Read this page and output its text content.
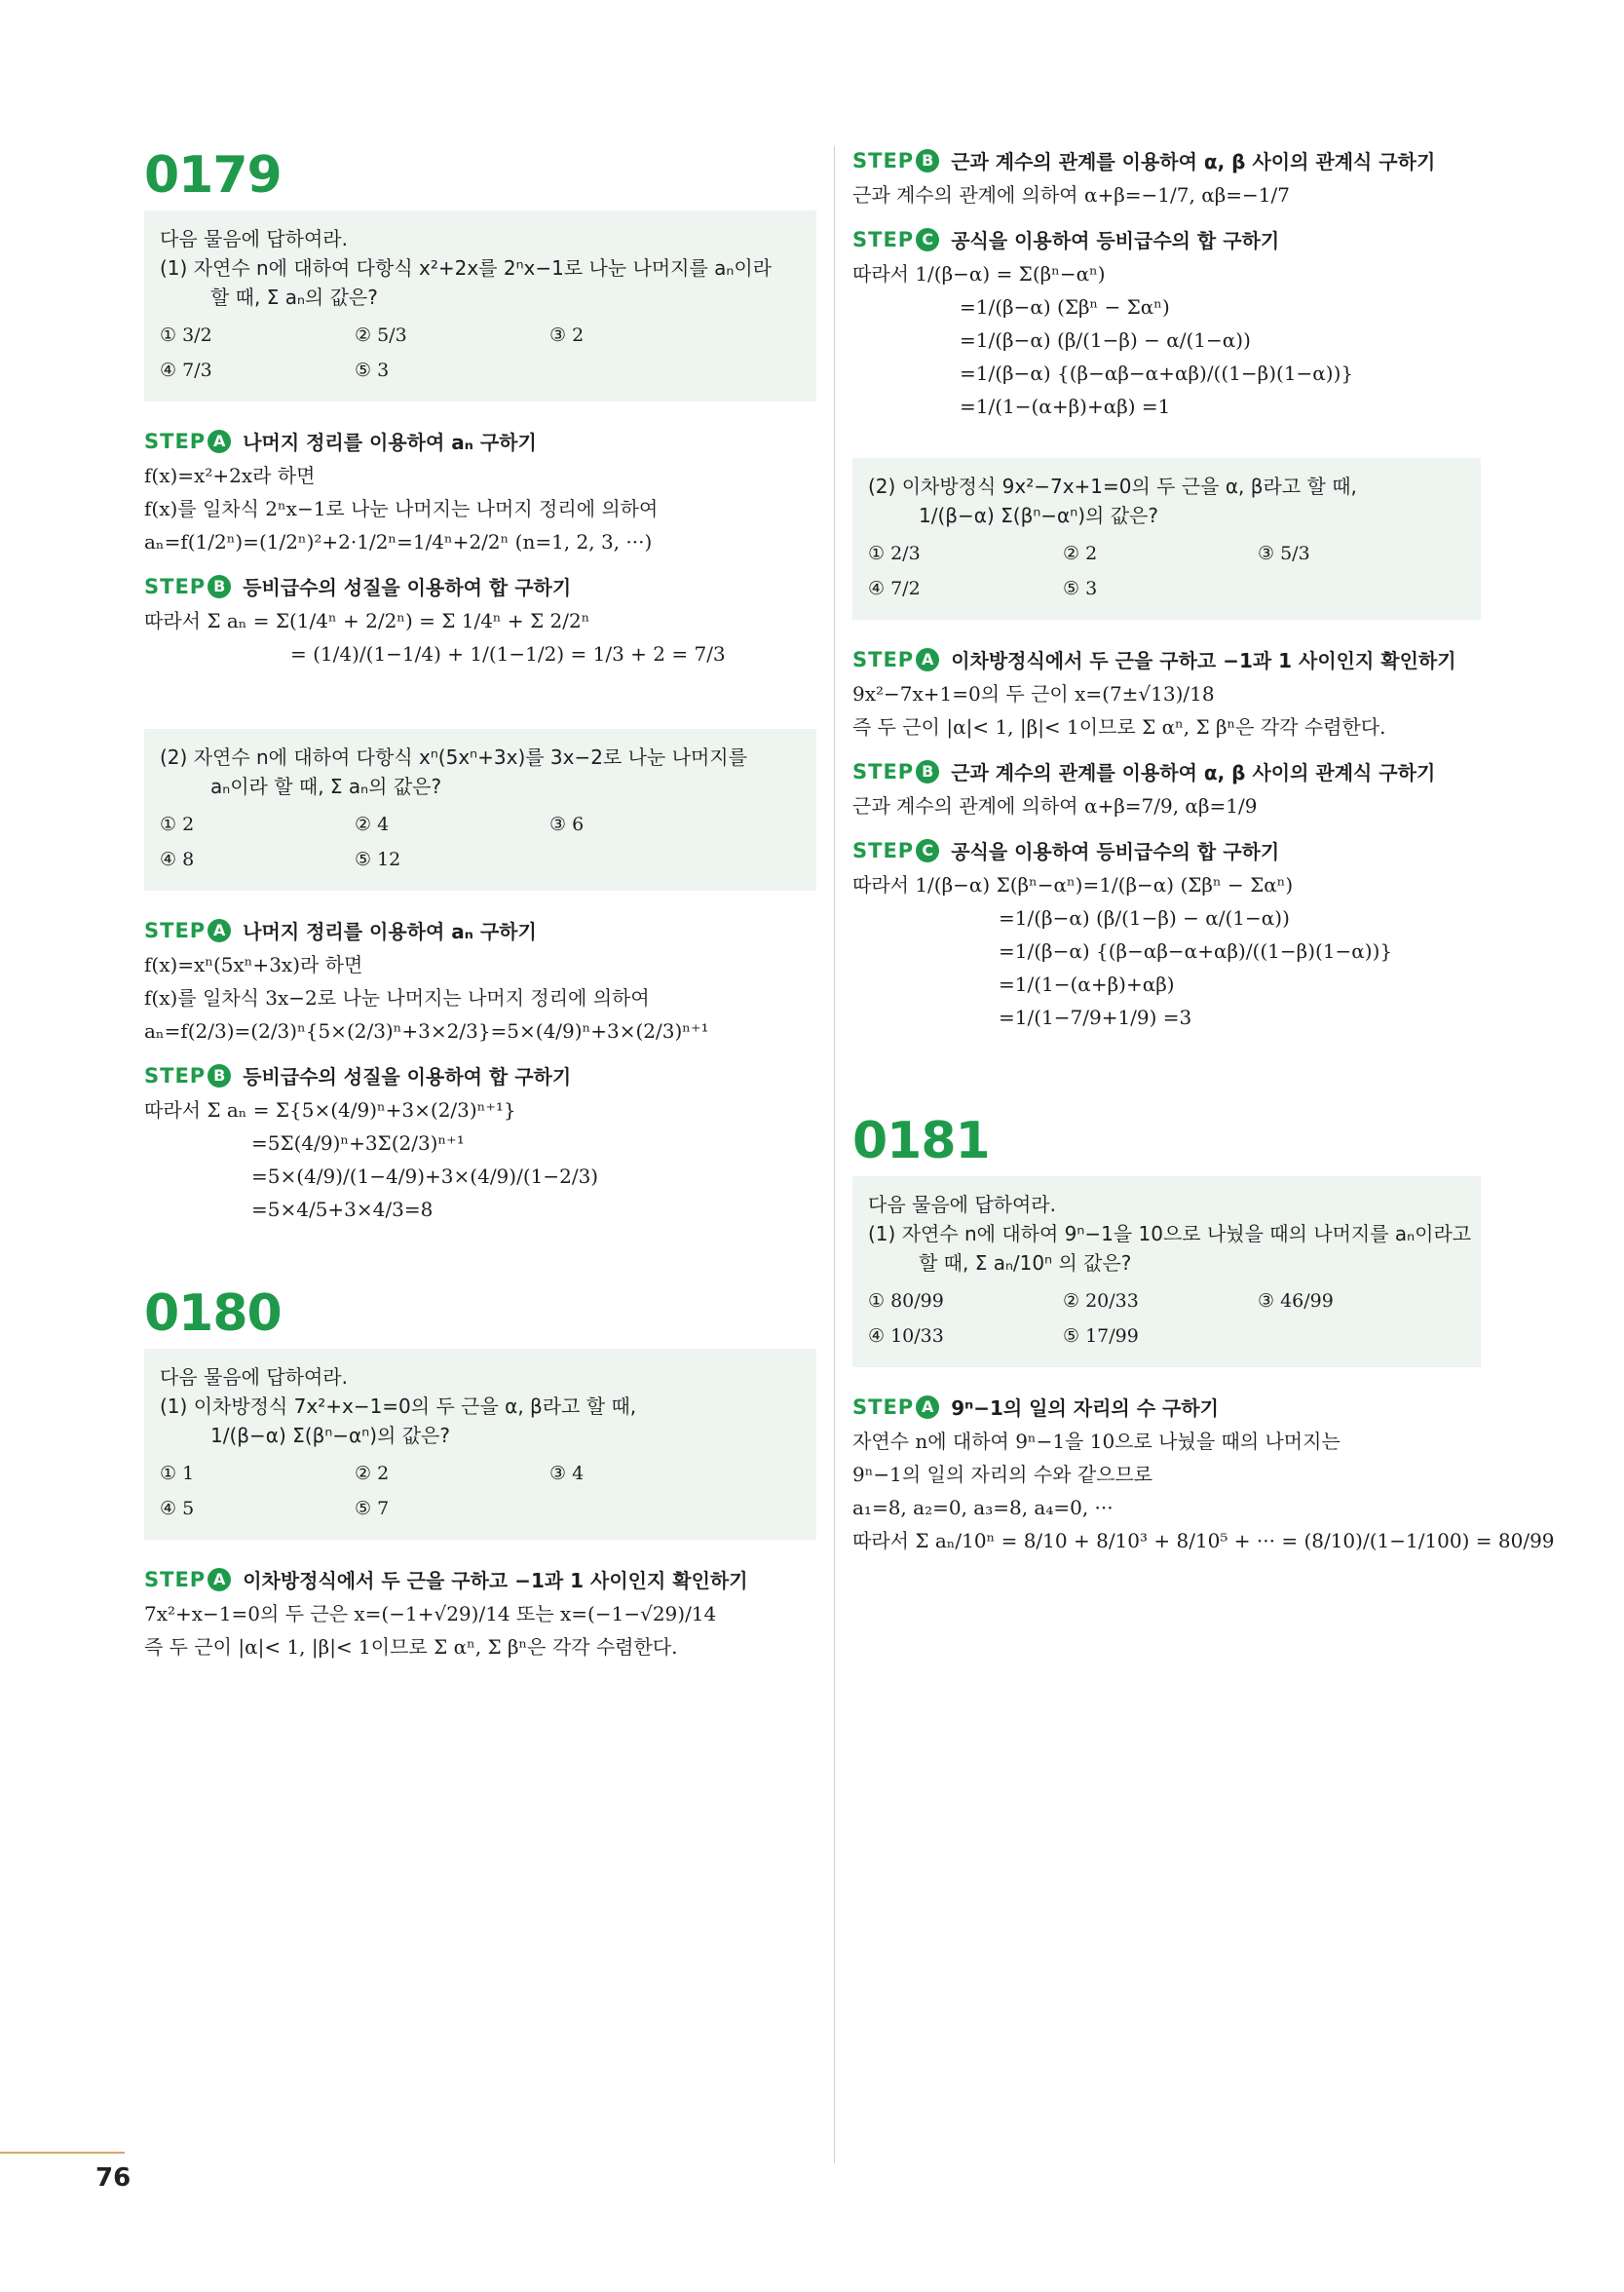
0179
다음 물음에 답하여라.
(1) 자연수 n에 대하여 다항식 x²+2x를 2ⁿx−1로 나눈 나머지를 aₙ이라
할 때, Σ aₙ의 값은?
① 3/2	② 5/3	③ 2
④ 7/3	⑤ 3
STEP A 나머지 정리를 이용하여 aₙ 구하기
f(x)=x²+2x라 하면
f(x)를 일차식 2ⁿx−1로 나눈 나머지는 나머지 정리에 의하여
aₙ=f(1/2ⁿ)=(1/2ⁿ)²+2·1/2ⁿ=1/4ⁿ+2/2ⁿ (n=1, 2, 3, ···)
STEP B 등비급수의 성질을 이용하여 합 구하기
따라서 Σ aₙ = Σ(1/4ⁿ + 2/2ⁿ) = Σ 1/4ⁿ + Σ 2/2ⁿ
= (1/4)/(1−1/4) + 1/(1−1/2) = 1/3 + 2 = 7/3
(2) 자연수 n에 대하여 다항식 xⁿ(5xⁿ+3x)를 3x−2로 나눈 나머지를
aₙ이라 할 때, Σ aₙ의 값은?
① 2	② 4	③ 6
④ 8	⑤ 12
STEP A 나머지 정리를 이용하여 aₙ 구하기
f(x)=xⁿ(5xⁿ+3x)라 하면
f(x)를 일차식 3x−2로 나눈 나머지는 나머지 정리에 의하여
aₙ=f(2/3)=(2/3)ⁿ{5×(2/3)ⁿ+3×2/3}=5×(4/9)ⁿ+3×(2/3)ⁿ⁺¹
STEP B 등비급수의 성질을 이용하여 합 구하기
따라서 Σ aₙ = Σ{5×(4/9)ⁿ+3×(2/3)ⁿ⁺¹}
=5Σ(4/9)ⁿ+3Σ(2/3)ⁿ⁺¹
=5×(4/9)/(1−4/9)+3×(4/9)/(1−2/3)
=5×4/5+3×4/3=8
0180
다음 물음에 답하여라.
(1) 이차방정식 7x²+x−1=0의 두 근을 α, β라고 할 때,
1/(β−α) Σ(βⁿ−αⁿ)의 값은?
① 1	② 2	③ 4
④ 5	⑤ 7
STEP A 이차방정식에서 두 근을 구하고 −1과 1 사이인지 확인하기
7x²+x−1=0의 두 근은 x=(−1+√29)/14 또는 x=(−1−√29)/14
즉 두 근이 |α|< 1, |β|< 1이므로 Σ αⁿ, Σ βⁿ은 각각 수렴한다.
STEP B 근과 계수의 관계를 이용하여 α, β 사이의 관계식 구하기
근과 계수의 관계에 의하여 α+β=−1/7, αβ=−1/7
STEP C 공식을 이용하여 등비급수의 합 구하기
따라서 1/(β−α) = Σ(βⁿ−αⁿ)
=1/(β−α) (Σβⁿ − Σαⁿ)
=1/(β−α) (β/(1−β) − α/(1−α))
=1/(β−α) {(β−αβ−α+αβ)/((1−β)(1−α))}
=1/(1−(α+β)+αβ) =1
(2) 이차방정식 9x²−7x+1=0의 두 근을 α, β라고 할 때,
1/(β−α) Σ(βⁿ−αⁿ)의 값은?
① 2/3	② 2	③ 5/3
④ 7/2	⑤ 3
STEP A 이차방정식에서 두 근을 구하고 −1과 1 사이인지 확인하기
9x²−7x+1=0의 두 근이 x=(7±√13)/18
즉 두 근이 |α|< 1, |β|< 1이므로 Σ αⁿ, Σ βⁿ은 각각 수렴한다.
STEP B 근과 계수의 관계를 이용하여 α, β 사이의 관계식 구하기
근과 계수의 관계에 의하여 α+β=7/9, αβ=1/9
STEP C 공식을 이용하여 등비급수의 합 구하기
따라서 1/(β−α) Σ(βⁿ−αⁿ)=1/(β−α) (Σβⁿ − Σαⁿ)
=1/(β−α) (β/(1−β) − α/(1−α))
=1/(β−α) {(β−αβ−α+αβ)/((1−β)(1−α))}
=1/(1−(α+β)+αβ)
=1/(1−7/9+1/9) =3
0181
다음 물음에 답하여라.
(1) 자연수 n에 대하여 9ⁿ−1을 10으로 나눴을 때의 나머지를 aₙ이라고
할 때, Σ aₙ/10ⁿ 의 값은?
① 80/99	② 20/33	③ 46/99
④ 10/33	⑤ 17/99
STEP A 9ⁿ−1의 일의 자리의 수 구하기
자연수 n에 대하여 9ⁿ−1을 10으로 나눴을 때의 나머지는
9ⁿ−1의 일의 자리의 수와 같으므로
a₁=8, a₂=0, a₃=8, a₄=0, ···
따라서 Σ aₙ/10ⁿ = 8/10 + 8/10³ + 8/10⁵ + ··· = (8/10)/(1−1/100) = 80/99
76
